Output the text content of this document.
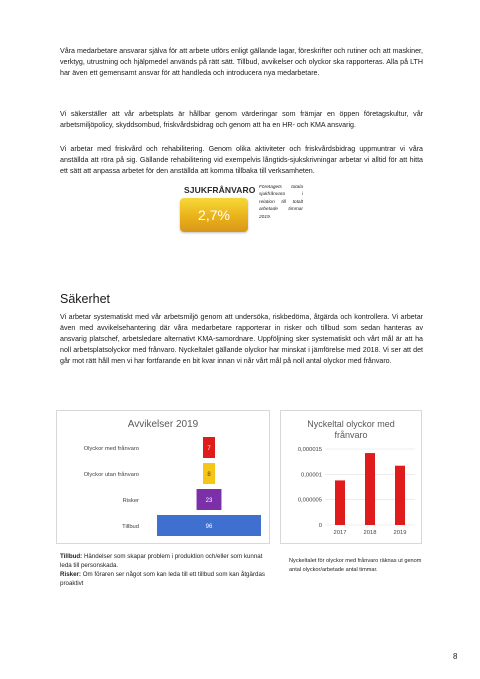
Våra medarbetare ansvarar själva för att arbete utförs enligt gällande lagar, föreskrifter och rutiner och att maskiner, verktyg, utrustning och hjälpmedel används på rätt sätt. Tillbud, avvikelser och olyckor ska rapporteras. Alla på LTH har även ett gemensamt ansvar för att handleda och introducera nya medarbetare.

Vi säkerställer att vår arbetsplats är hållbar genom värderingar som främjar en öppen företagskultur, vår arbetsmiljöpolicy, skyddsombud, friskvårdsbidrag och genom att ha en HR- och KMA ansvarig.

Vi arbetar med friskvård och rehabilitering. Genom olika aktiviteter och friskvårdsbidrag uppmuntrar vi våra anställda att röra på sig. Gällande rehabilitering vid exempelvis långtids-sjukskrivningar arbetar vi alltid för att hitta ett sätt att anpassa arbetet för den anställda att komma tillbaka till verksamheten.

SJUKFRÅNVARO
2,7%
Företagets totala sjukfrånvaro i relation till totalt arbetade timmar 2019.
Säkerhet

Vi arbetar systematiskt med vår arbetsmiljö genom att undersöka, riskbedöma, åtgärda och kontrollera. Vi arbetar även med avvikelsehantering där våra medarbetare rapporterar in risker och tillbud som sedan hanteras av ansvarig platschef, arbetsledare alternativt KMA-samordnare. Uppföljning sker systematiskt och vårt mål är att ha noll arbetsplatsolyckor med frånvaro. Nyckeltalet gällande olyckor har minskat i jämförelse med 2018. Vi ser att det går mot rätt håll men vi har fortfarande en bit kvar innan vi når vårt mål på noll antal olyckor med frånvaro.

Avvikelser 2019
7
Olyckor med frånvaro
8
Olyckor utan frånvaro
23
Risker
96
Tillbud
Nyckeltal olyckor med
frånvaro
0
0,000005
0,00001
0,000015
2017	2018	2019

Tillbud: Händelser som skapar problem i produktion och/eller som kunnat leda till personskada.
Risker: Om föraren ser något som kan leda till ett tillbud som kan åtgärdas proaktivt

Nyckeltalet för olyckor med frånvaro räknas ut genom antal olyckor/arbetade antal timmar.

8
